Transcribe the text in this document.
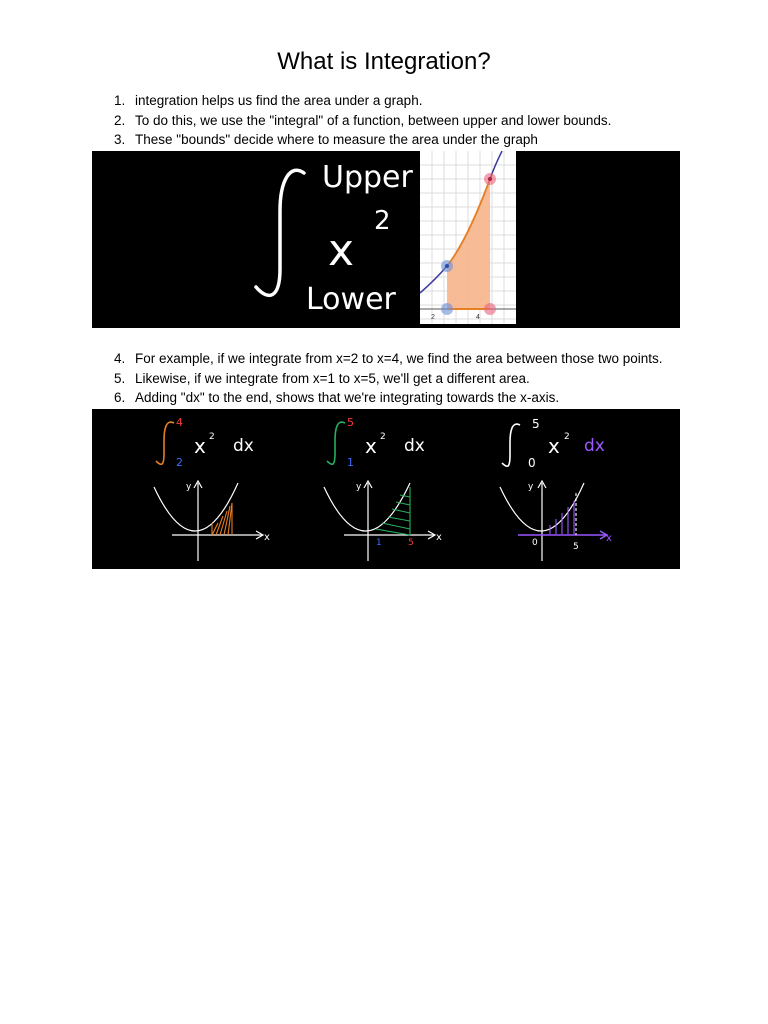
What is Integration?
1. integration helps us find the area under a graph.
2. To do this, we use the "integral" of a function, between upper and lower bounds.
3. These "bounds" decide where to measure the area under the graph
Upper
x
2
Lower
2	4
4. For example, if we integrate from x=2 to x=4, we find the area between those two points.
5. Likewise, if we integrate from x=1 to x=5, we'll get a different area.
6. Adding "dx" to the end, shows that we're integrating towards the x-axis.
4
2
x 2 dx
y
x
5
1
x 2 dx
y
x
1	5
5
0
x 2 dx
y
x
0	5
